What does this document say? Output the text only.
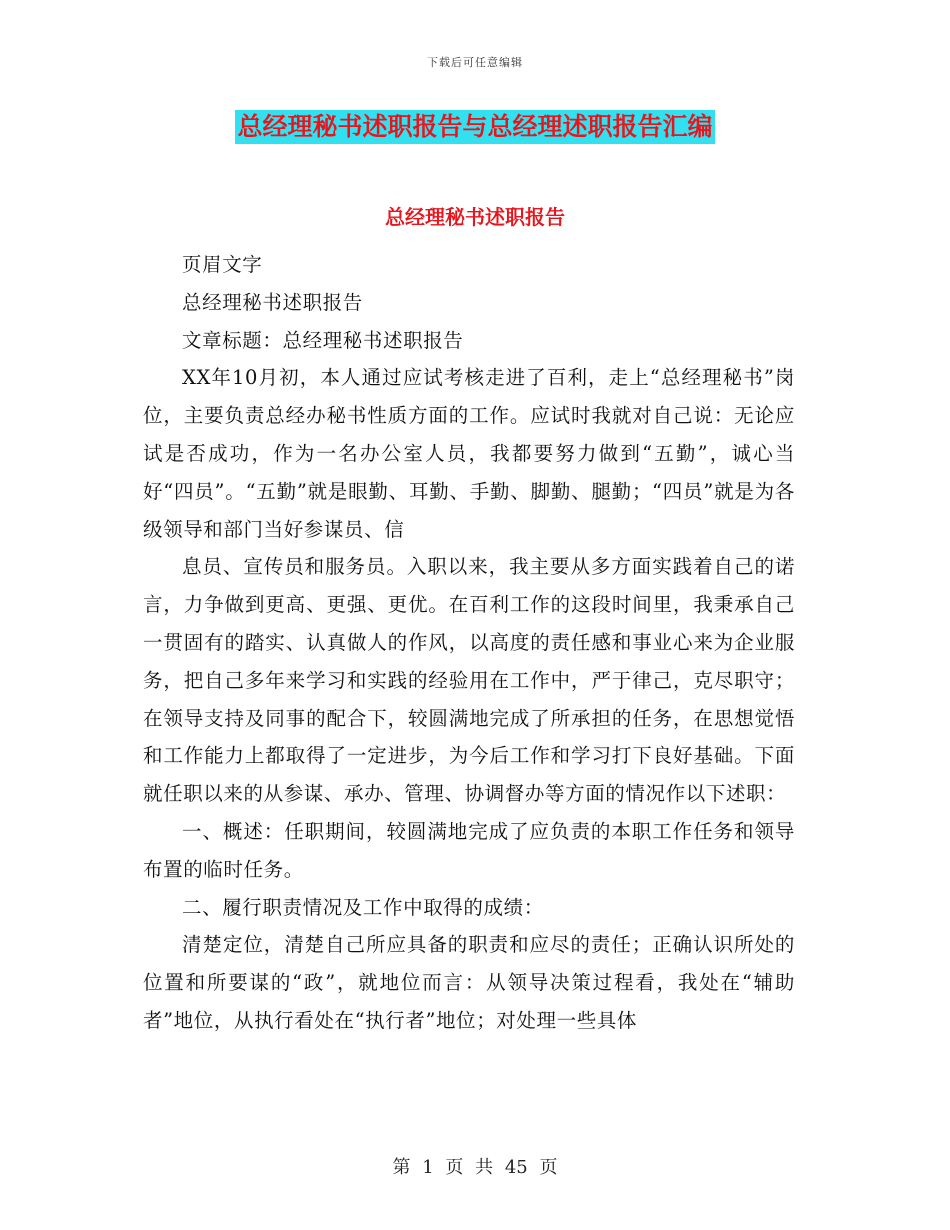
下载后可任意编辑
总经理秘书述职报告与总经理述职报告汇编
总经理秘书述职报告

页眉文字

总经理秘书述职报告

文章标题：总经理秘书述职报告

XX年10月初，本人通过应试考核走进了百利，走上“总经理秘书”岗位，主要负责总经办秘书性质方面的工作。应试时我就对自己说：无论应试是否成功，作为一名办公室人员，我都要努力做到“五勤”，诚心当好“四员”。“五勤”就是眼勤、耳勤、手勤、脚勤、腿勤；“四员”就是为各级领导和部门当好参谋员、信

息员、宣传员和服务员。入职以来，我主要从多方面实践着自己的诺言，力争做到更高、更强、更优。在百利工作的这段时间里，我秉承自己一贯固有的踏实、认真做人的作风，以高度的责任感和事业心来为企业服务，把自己多年来学习和实践的经验用在工作中，严于律己，克尽职守；在领导支持及同事的配合下，较圆满地完成了所承担的任务，在思想觉悟和工作能力上都取得了一定进步，为今后工作和学习打下良好基础。下面就任职以来的从参谋、承办、管理、协调督办等方面的情况作以下述职：

一、概述：任职期间，较圆满地完成了应负责的本职工作任务和领导布置的临时任务。

二、履行职责情况及工作中取得的成绩：

清楚定位，清楚自己所应具备的职责和应尽的责任；正确认识所处的位置和所要谋的“政”，就地位而言：从领导决策过程看，我处在“辅助者”地位，从执行看处在“执行者”地位；对处理一些具体

第 1 页 共 45 页
